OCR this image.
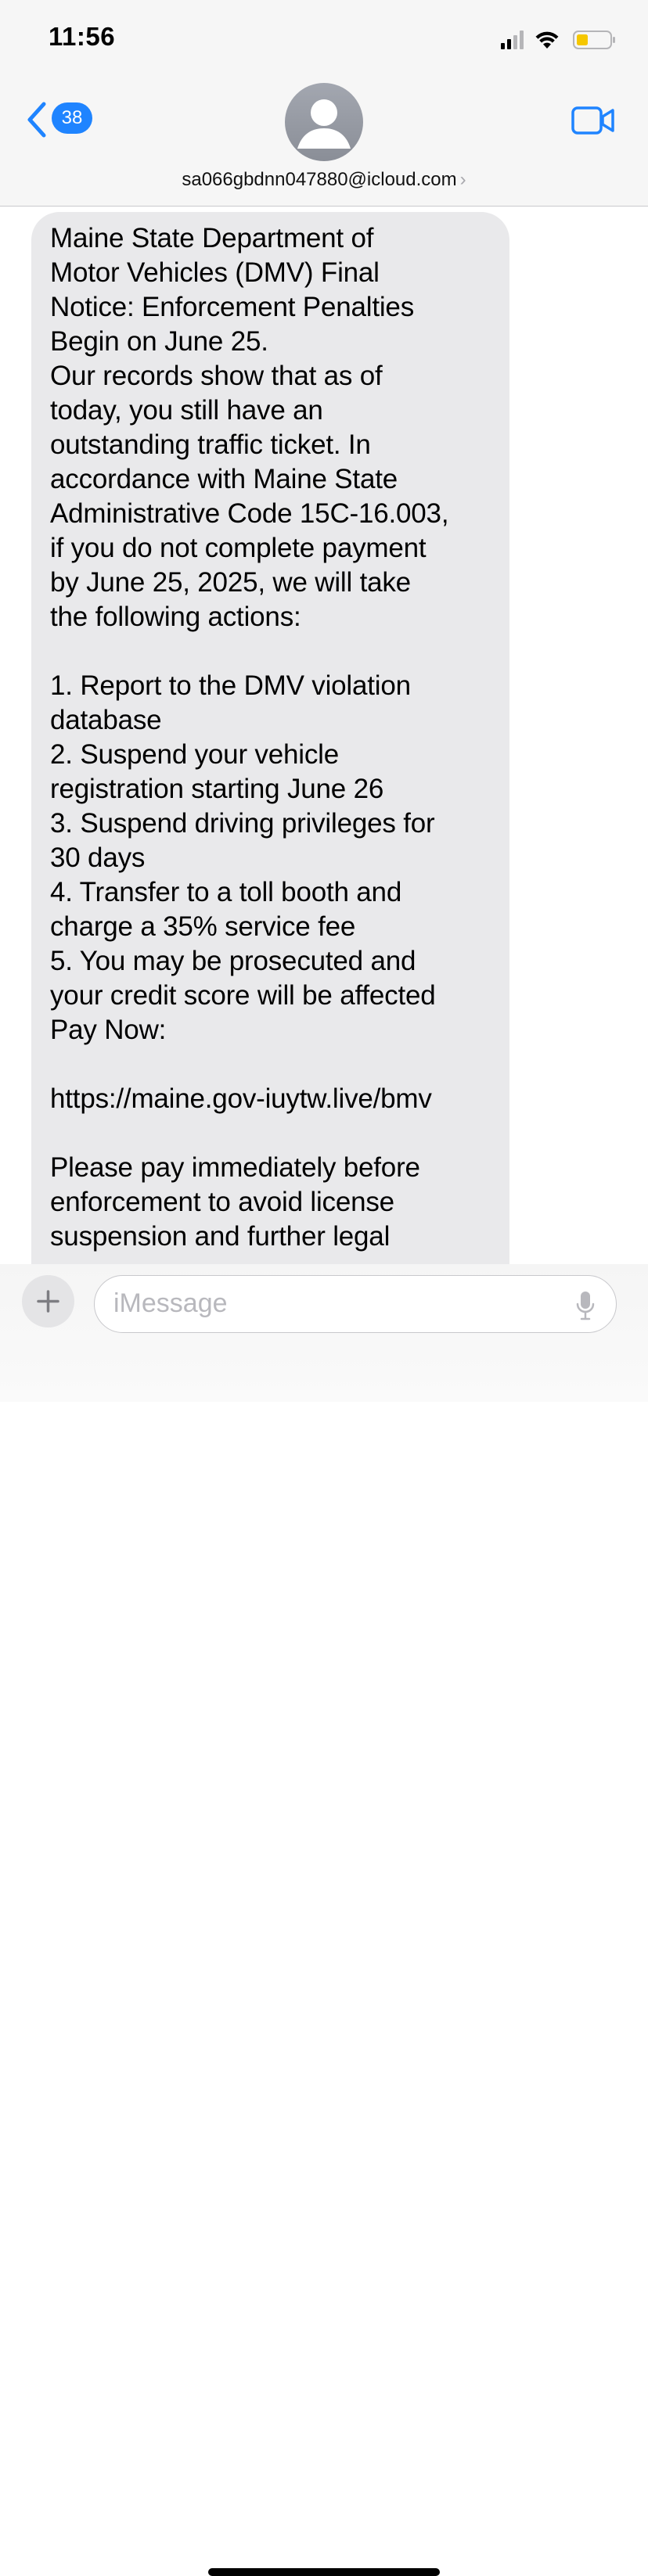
11:56
38
sa066gbdnn047880@icloud.com ›

Maine State Department of
Motor Vehicles (DMV) Final
Notice: Enforcement Penalties
Begin on June 25.
Our records show that as of
today, you still have an
outstanding traffic ticket. In
accordance with Maine State
Administrative Code 15C-16.003,
if you do not complete payment
by June 25, 2025, we will take
the following actions:

1. Report to the DMV violation
database
2. Suspend your vehicle
registration starting June 26
3. Suspend driving privileges for
30 days
4. Transfer to a toll booth and
charge a 35% service fee
5. You may be prosecuted and
your credit score will be affected
Pay Now:

https://maine.gov-iuytw.live/bmv

Please pay immediately before
enforcement to avoid license
suspension and further legal

iMessage
